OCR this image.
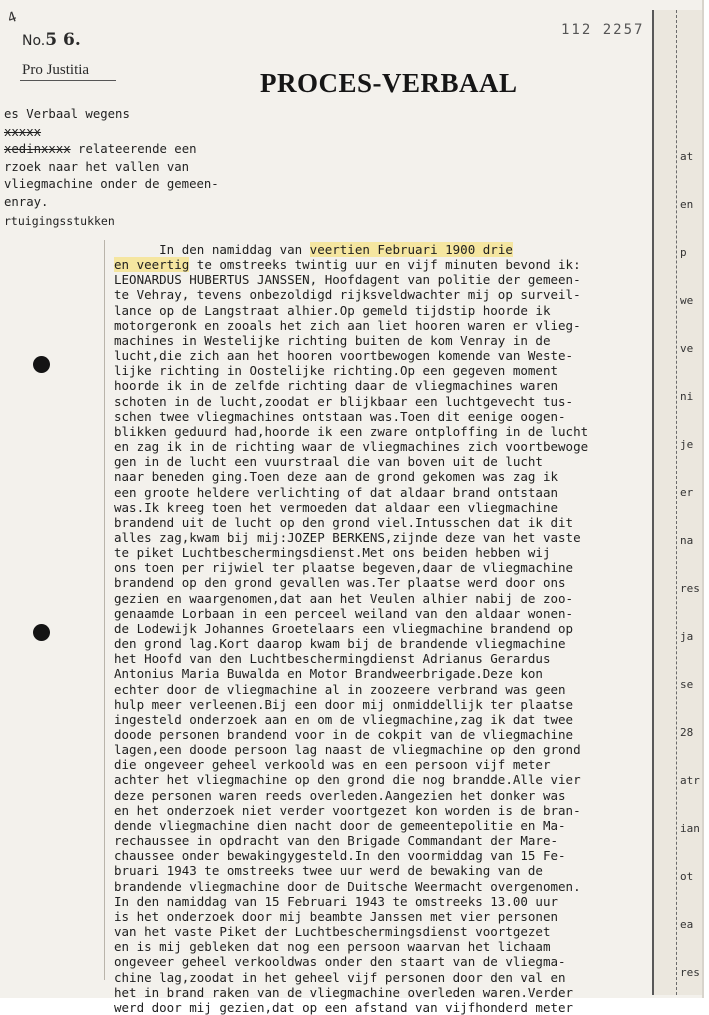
4
No.5 6.
Pro Justitia
112 2257
PROCES-VERBAAL
es Verbaal wegens
xxxxx
xedinxxxx relateerende een
rzoek naar het vallen van
vliegmachine onder de gemeen-
enray.
rtuigingsstukken
In den namiddag van veertien Februari 1900 drie
en veertig te omstreeks twintig uur en vijf minuten bevond ik:
LEONARDUS HUBERTUS JANSSEN, Hoofdagent van politie der gemeen-
te Vehray, tevens onbezoldigd rijksveldwachter mij op surveil-
lance op de Langstraat alhier.Op gemeld tijdstip hoorde ik
motorgeronk en zooals het zich aan liet hooren waren er vlieg-
machines in Westelijke richting buiten de kom Venray in de
lucht,die zich aan het hooren voortbewogen komende van Weste-
lijke richting in Oostelijke richting.Op een gegeven moment
hoorde ik in de zelfde richting daar de vliegmachines waren
schoten in de lucht,zoodat er blijkbaar een luchtgevecht tus-
schen twee vliegmachines ontstaan was.Toen dit eenige oogen-
blikken geduurd had,hoorde ik een zware ontploffing in de lucht
en zag ik in de richting waar de vliegmachines zich voortbewoge
gen in de lucht een vuurstraal die van boven uit de lucht
naar beneden ging.Toen deze aan de grond gekomen was zag ik
een groote heldere verlichting of dat aldaar brand ontstaan
was.Ik kreeg toen het vermoeden dat aldaar een vliegmachine
brandend uit de lucht op den grond viel.Intusschen dat ik dit
alles zag,kwam bij mij:JOZEP BERKENS,zijnde deze van het vaste
te piket Luchtbeschermingsdienst.Met ons beiden hebben wij
ons toen per rijwiel ter plaatse begeven,daar de vliegmachine
brandend op den grond gevallen was.Ter plaatse werd door ons
gezien en waargenomen,dat aan het Veulen alhier nabij de zoo-
genaamde Lorbaan in een perceel weiland van den aldaar wonen-
de Lodewijk Johannes Groetelaars een vliegmachine brandend op
den grond lag.Kort daarop kwam bij de brandende vliegmachine
het Hoofd van den Luchtbeschermingdienst Adrianus Gerardus
Antonius Maria Buwalda en Motor Brandweerbrigade.Deze kon
echter door de vliegmachine al in zoozeere verbrand was geen
hulp meer verleenen.Bij een door mij onmiddellijk ter plaatse
ingesteld onderzoek aan en om de vliegmachine,zag ik dat twee
doode personen brandend voor in de cokpit van de vliegmachine
lagen,een doode persoon lag naast de vliegmachine op den grond
die ongeveer geheel verkoold was en een persoon vijf meter
achter het vliegmachine op den grond die nog brandde.Alle vier
deze personen waren reeds overleden.Aangezien het donker was
en het onderzoek niet verder voortgezet kon worden is de bran-
dende vliegmachine dien nacht door de gemeentepolitie en Ma-
rechaussee in opdracht van den Brigade Commandant der Mare-
chaussee onder bewakingygesteld.In den voormiddag van 15 Fe-
bruari 1943 te omstreeks twee uur werd de bewaking van de
brandende vliegmachine door de Duitsche Weermacht overgenomen.
In den namiddag van 15 Februari 1943 te omstreeks 13.00 uur
is het onderzoek door mij beambte Janssen met vier personen
van het vaste Piket der Luchtbeschermingsdienst voortgezet
en is mij gebleken dat nog een persoon waarvan het lichaam
ongeveer geheel verkooldwas onder den staart van de vliegma-
chine lag,zoodat in het geheel vijf personen door den val en
het in brand raken van de vliegmachine overleden waren.Verder
werd door mij gezien,dat op een afstand van vijfhonderd meter
at
en
p
we
ve
ni
je
er
na
res
ja
se
28
atr
ian
ot
ea
res
